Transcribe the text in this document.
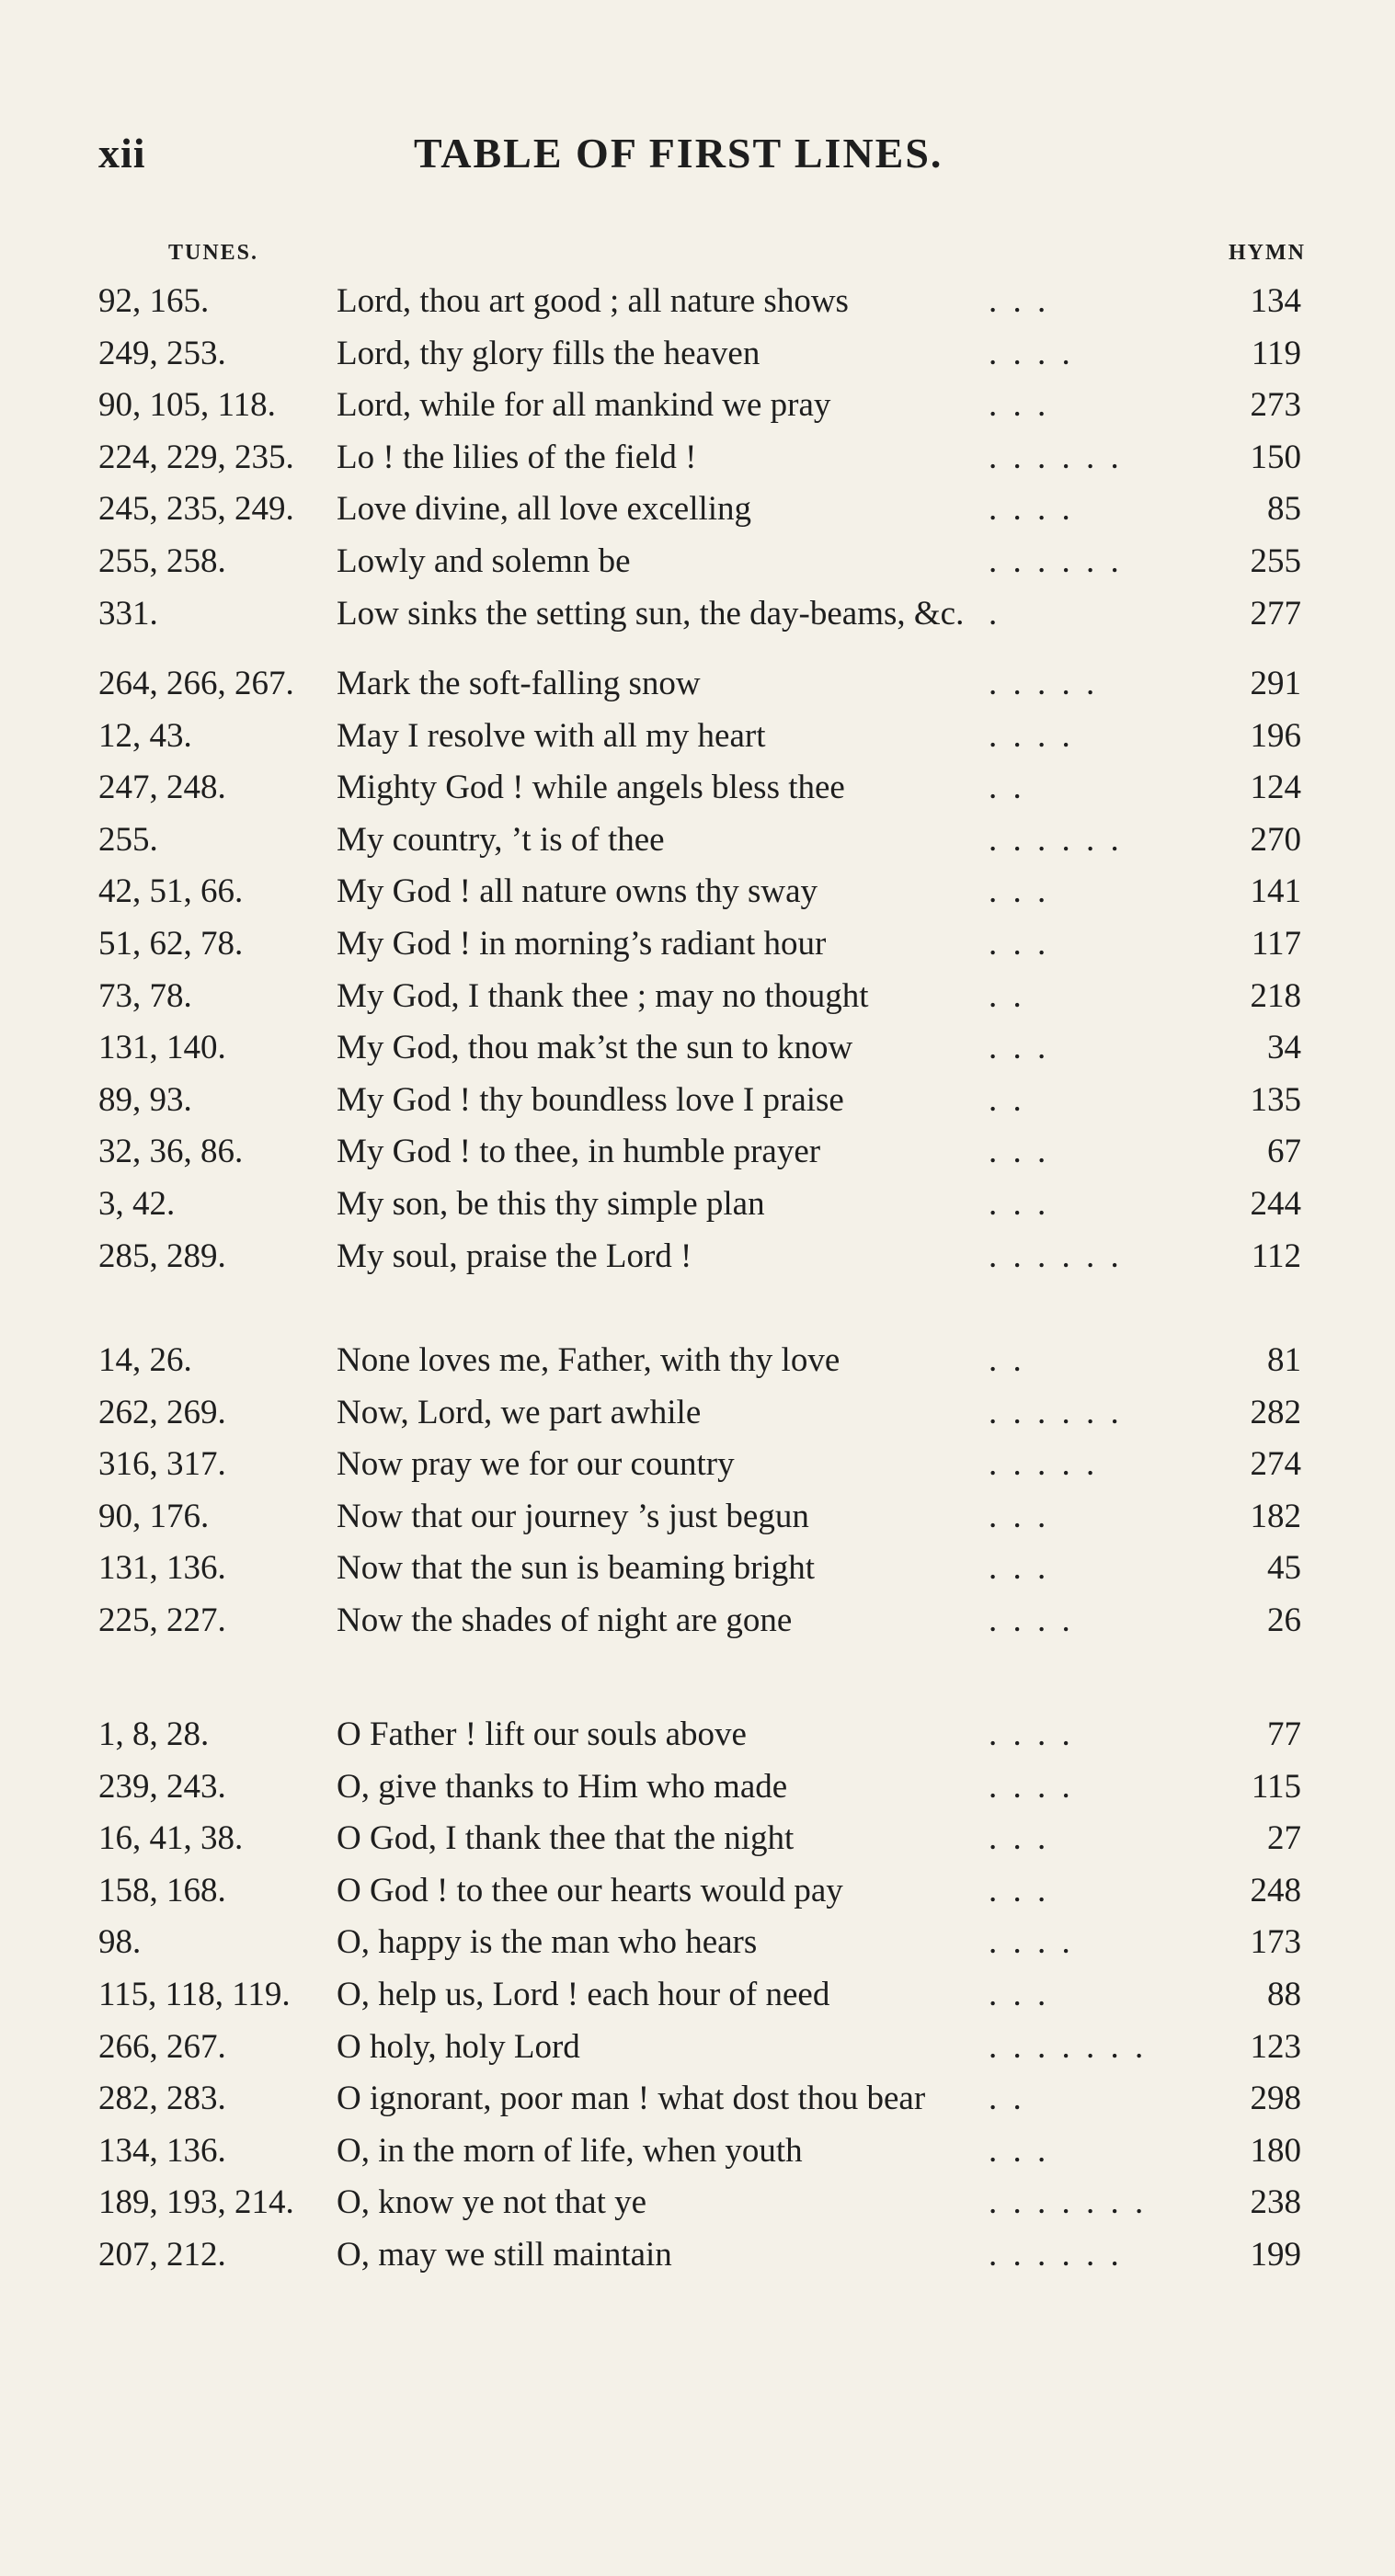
xii	TABLE OF FIRST LINES.
TUNES.	HYMN
92, 165.	Lord, thou art good ; all nature shows	. . .	134
249, 253.	Lord, thy glory fills the heaven	. . . .	119
90, 105, 118. Lord, while for all mankind we pray	. . .	273
224, 229, 235. Lo ! the lilies of the field !	. . . . . .	150
245, 235, 249. Love divine, all love excelling	. . . .	85
255, 258.	Lowly and solemn be	. . . . . .	255
331.	Low sinks the setting sun, the day-beams, &c. .	277
264, 266, 267. Mark the soft-falling snow	. . . . .	291
12, 43.	May I resolve with all my heart	. . . .	196
247, 248.	Mighty God ! while angels bless thee	. .	124
255.	My country, ’t is of thee	. . . . . .	270
42, 51, 66.	My God ! all nature owns thy sway	. . .	141
51, 62, 78.	My God ! in morning’s radiant hour	. . .	117
73, 78.	My God, I thank thee ; may no thought	. .	218
131, 140.	My God, thou mak’st the sun to know	. . .	34
89, 93.	My God ! thy boundless love I praise	. .	135
32, 36, 86.	My God ! to thee, in humble prayer	. . .	67
3, 42.	My son, be this thy simple plan	. . .	244
285, 289.	My soul, praise the Lord !	. . . . . .	112
14, 26.	None loves me, Father, with thy love	. .	81
262, 269.	Now, Lord, we part awhile	. . . . . .	282
316, 317.	Now pray we for our country	. . . . .	274
90, 176.	Now that our journey ’s just begun	. . .	182
131, 136.	Now that the sun is beaming bright	. . .	45
225, 227.	Now the shades of night are gone	. . . .	26
1, 8, 28.	O Father ! lift our souls above	. . . .	77
239, 243.	O, give thanks to Him who made	. . . .	115
16, 41, 38.	O God, I thank thee that the night	. . .	27
158, 168.	O God ! to thee our hearts would pay	. . .	248
98.	O, happy is the man who hears	. . . .	173
115, 118, 119. O, help us, Lord ! each hour of need	. . .	88
266, 267.	O holy, holy Lord	. . . . . . .	123
282, 283.	O ignorant, poor man ! what dost thou bear . .	298
134, 136.	O, in the morn of life, when youth	. . .	180
189, 193, 214. O, know ye not that ye	. . . . . . .	238
207, 212.	O, may we still maintain	. . . . . .	199
